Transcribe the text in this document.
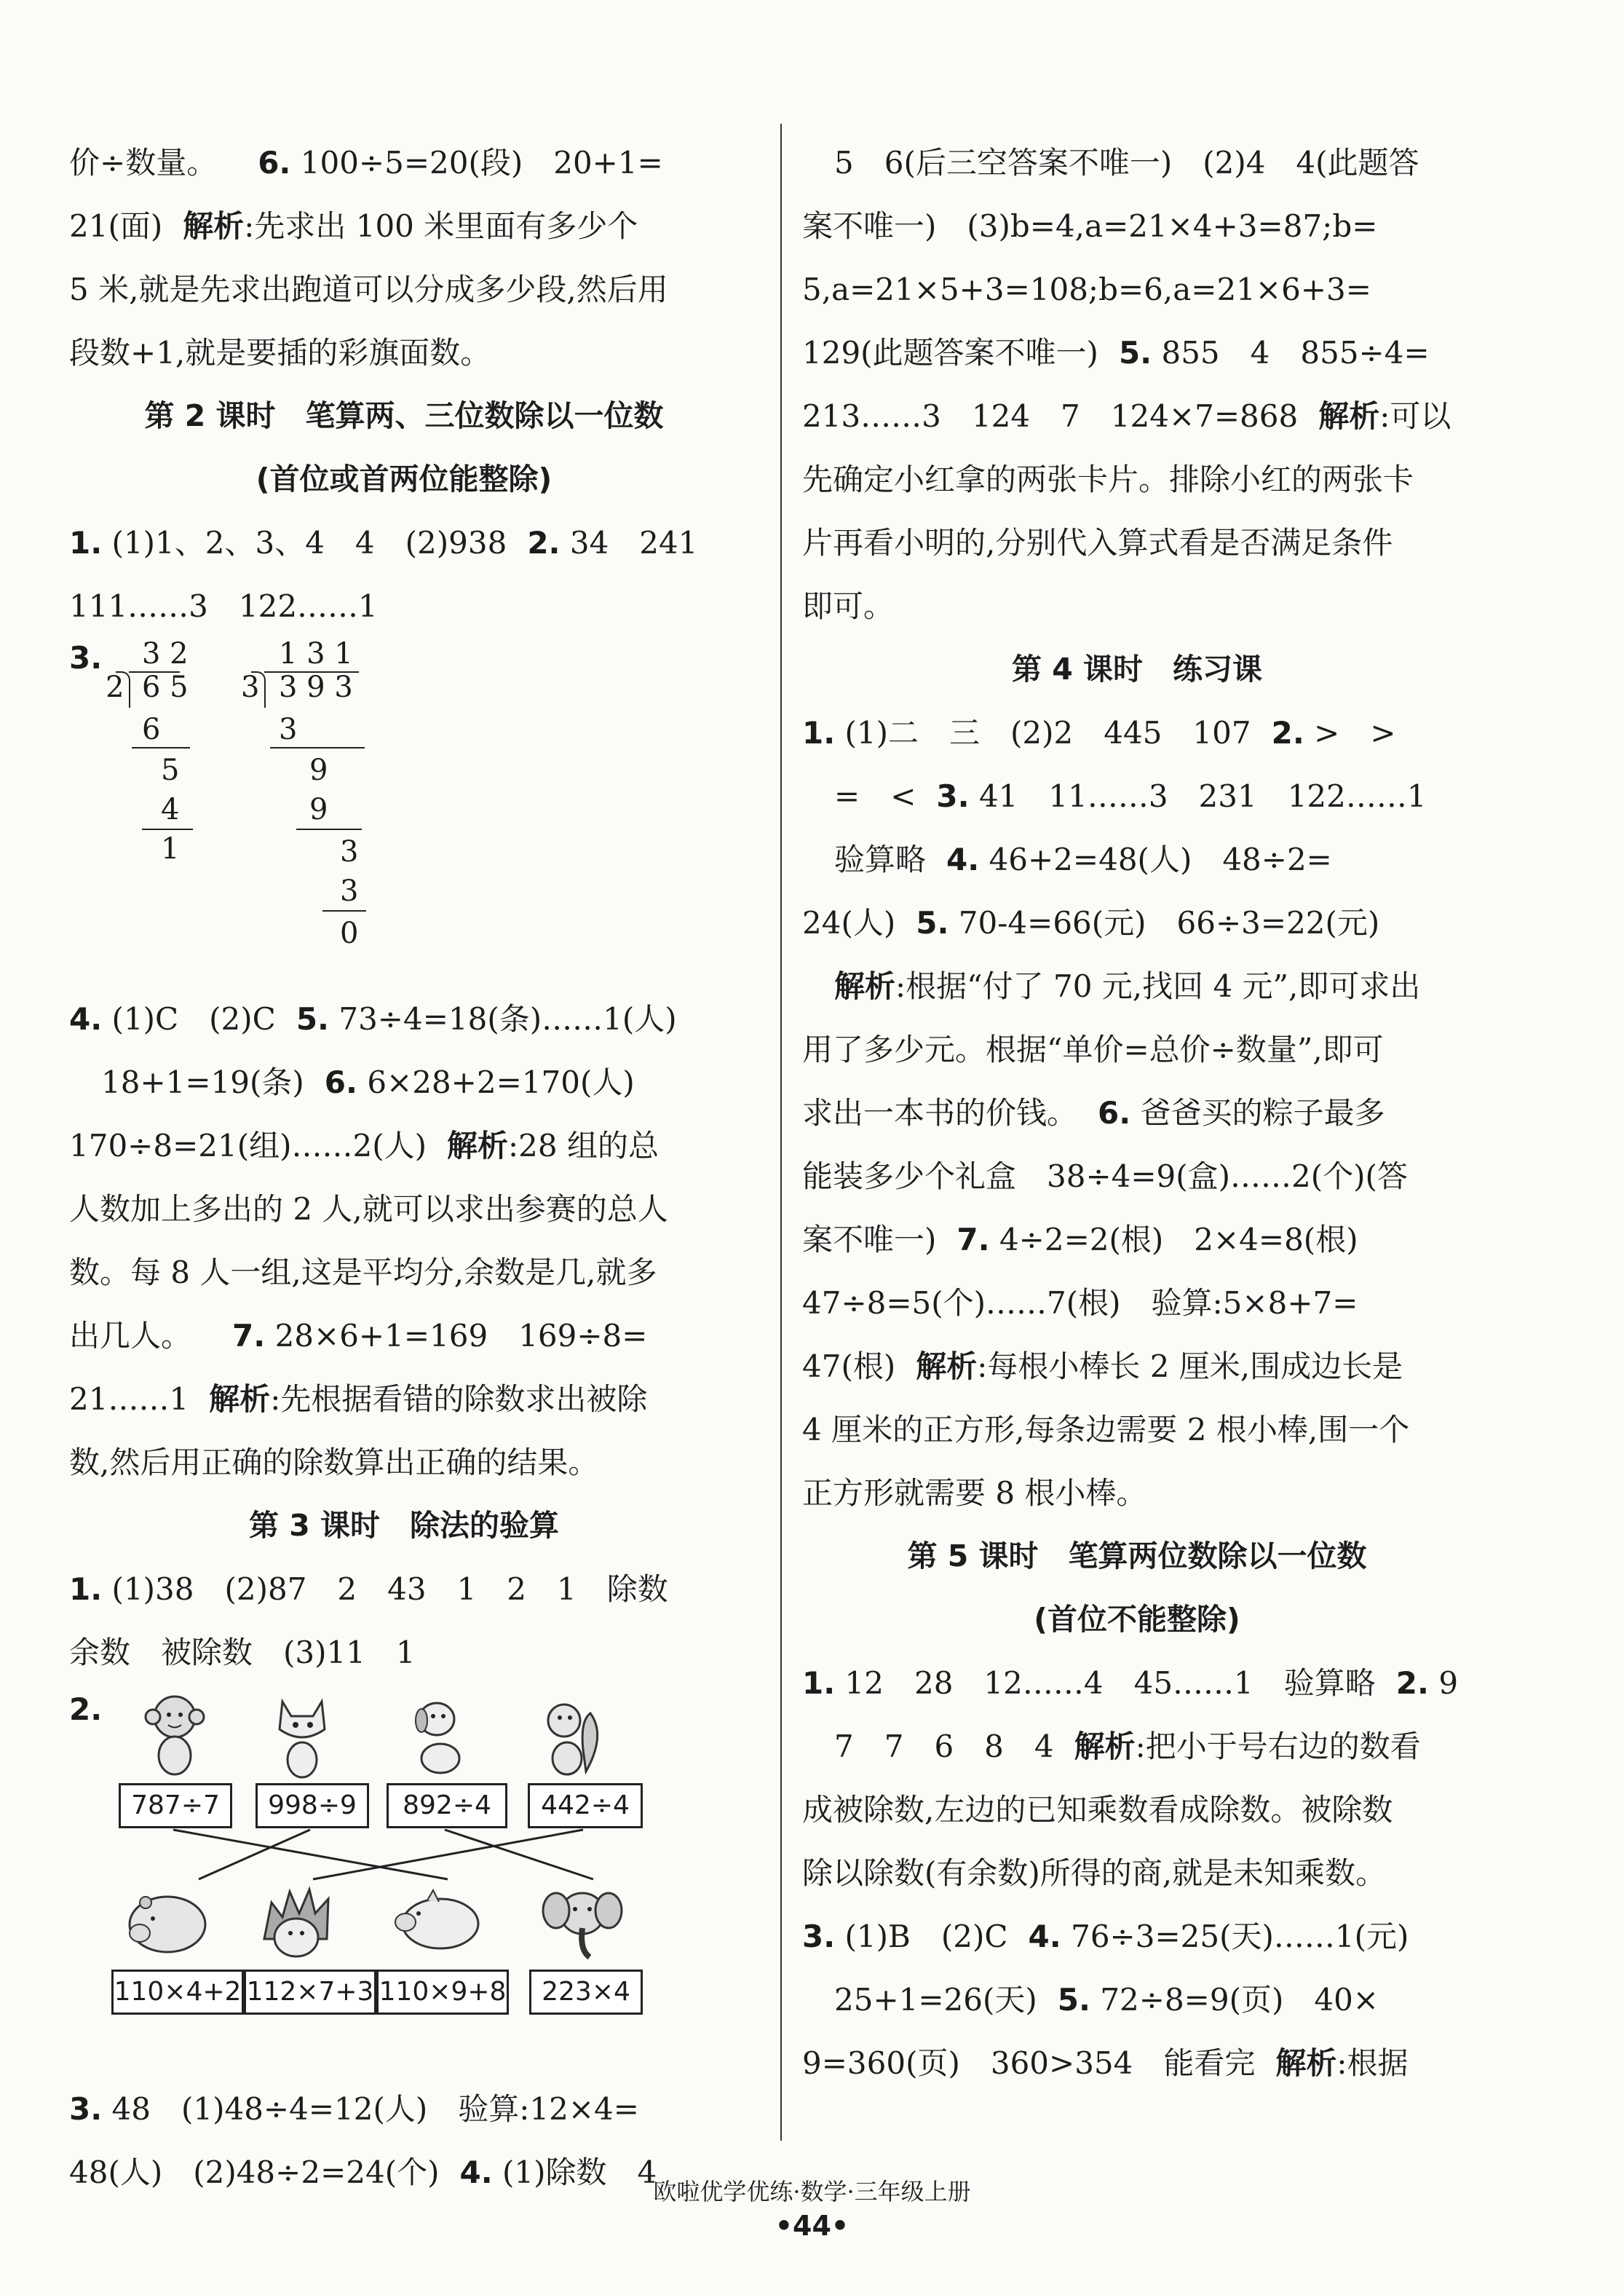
价÷数量。 6. 100÷5=20(段)　20+1=

21(面) 解析:先求出 100 米里面有多少个

5 米,就是先求出跑道可以分成多少段,然后用

段数+1,就是要插的彩旗面数。

第 2 课时　笔算两、三位数除以一位数

(首位或首两位能整除)

1. (1)1、2、3、4　4　(2)938 2. 34　241

111……3　122……1

3. 3 2
2 6 5
6
5
4
1
1 3 1
3 3 9 3
3
9
9
3
3
0

4. (1)C　(2)C 5. 73÷4=18(条)……1(人)

18+1=19(条) 6. 6×28+2=170(人)

170÷8=21(组)……2(人) 解析:28 组的总

人数加上多出的 2 人,就可以求出参赛的总人

数。每 8 人一组,这是平均分,余数是几,就多

出几人。 7. 28×6+1=169　169÷8=

21……1 解析:先根据看错的除数求出被除

数,然后用正确的除数算出正确的结果。

第 3 课时　除法的验算

1. (1)38　(2)87　2　43　1　2　1　除数

余数　被除数　(3)11　1

2.
787÷7	998÷9	892÷4	442÷4
110×4+2 112×7+3 110×9+8	223×4

3. 48　(1)48÷4=12(人)　验算:12×4=

48(人)　(2)48÷2=24(个) 4. (1)除数　4

5　6(后三空答案不唯一)　(2)4　4(此题答

案不唯一)　(3)b=4,a=21×4+3=87;b=

5,a=21×5+3=108;b=6,a=21×6+3=

129(此题答案不唯一) 5. 855　4　855÷4=

213……3　124　7　124×7=868 解析:可以

先确定小红拿的两张卡片。排除小红的两张卡

片再看小明的,分别代入算式看是否满足条件

即可。

第 4 课时　练习课

1. (1)二　三　(2)2　445　107 2. >　>

=　< 3. 41　11……3　231　122……1

验算略 4. 46+2=48(人)　48÷2=

24(人) 5. 70-4=66(元)　66÷3=22(元)

解析:根据“付了 70 元,找回 4 元”,即可求出

用了多少元。根据“单价=总价÷数量”,即可

求出一本书的价钱。 6. 爸爸买的粽子最多

能装多少个礼盒　38÷4=9(盒)……2(个)(答

案不唯一) 7. 4÷2=2(根)　2×4=8(根)

47÷8=5(个)……7(根)　验算:5×8+7=

47(根) 解析:每根小棒长 2 厘米,围成边长是

4 厘米的正方形,每条边需要 2 根小棒,围一个

正方形就需要 8 根小棒。

第 5 课时　笔算两位数除以一位数

(首位不能整除)

1. 12　28　12……4　45……1　验算略 2. 9

7　7　6　8　4 解析:把小于号右边的数看

成被除数,左边的已知乘数看成除数。被除数

除以除数(有余数)所得的商,就是未知乘数。

3. (1)B　(2)C 4. 76÷3=25(天)……1(元)

25+1=26(天) 5. 72÷8=9(页)　40×

9=360(页)　360>354　能看完 解析:根据

欧啦优学优练·数学·三年级上册
•44•
